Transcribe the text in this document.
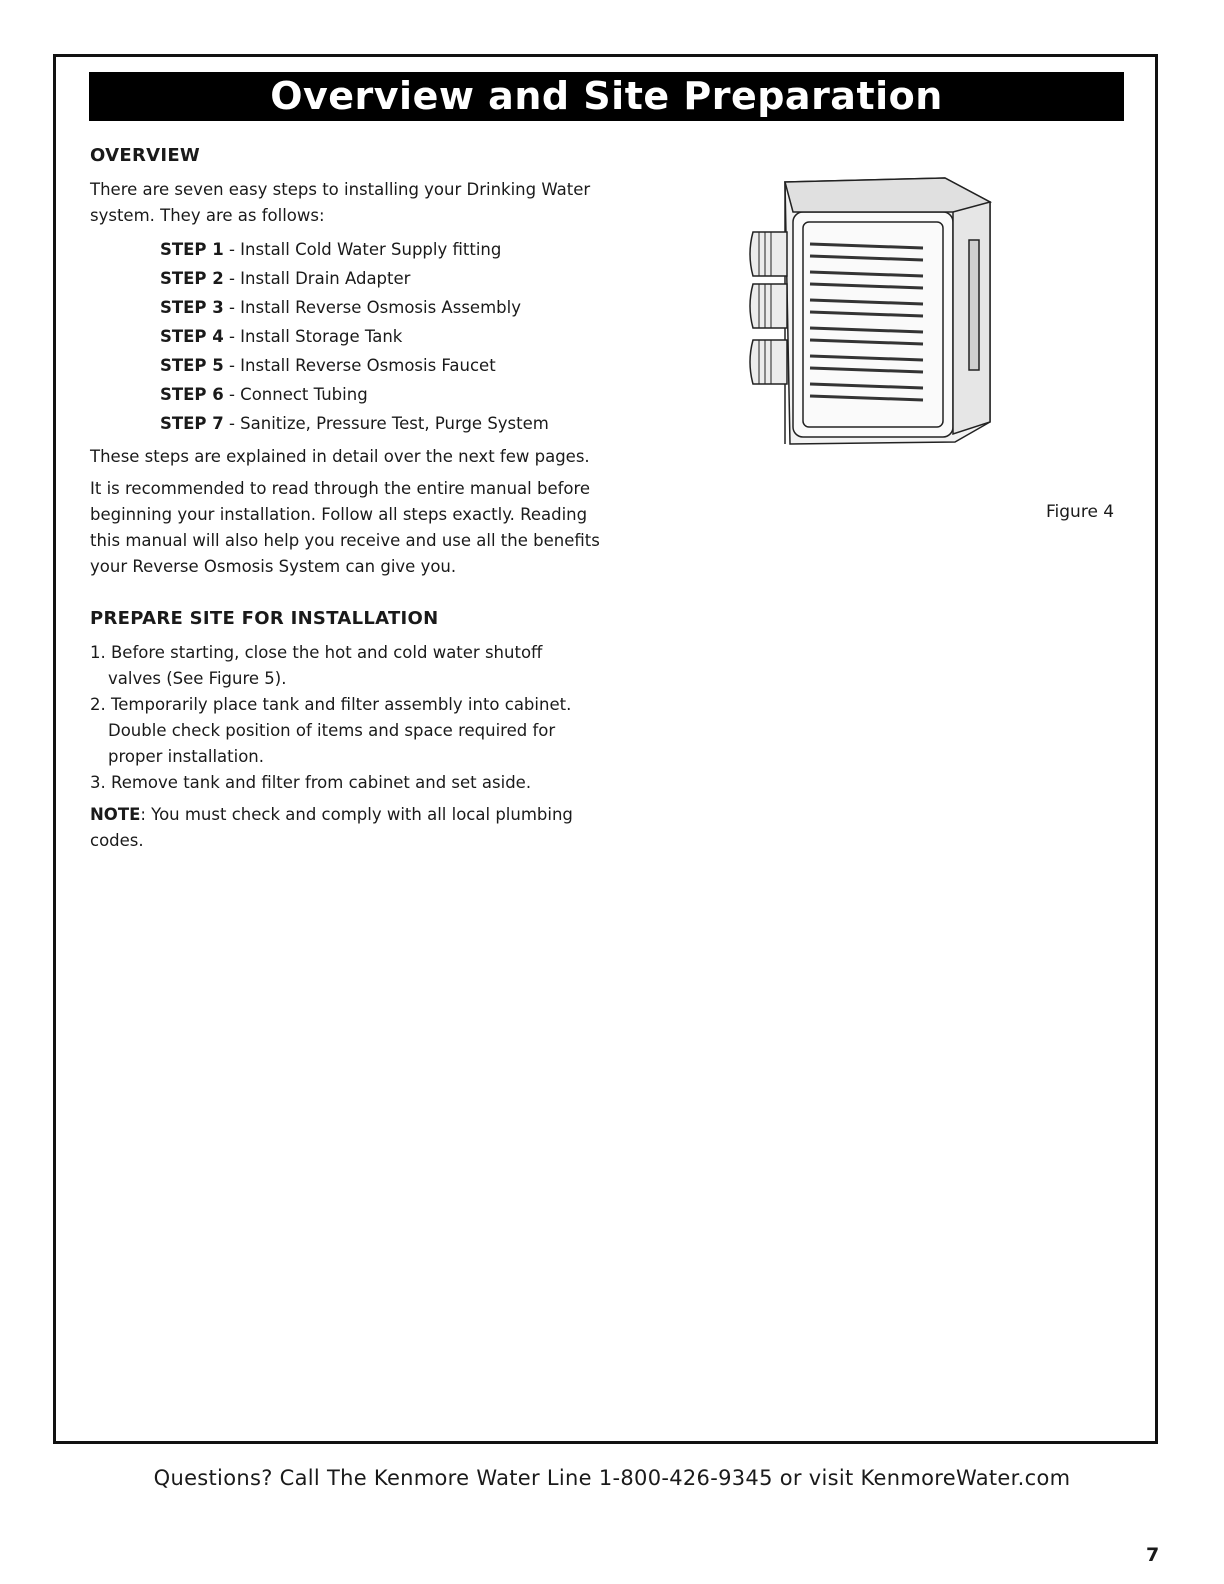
Overview and Site Preparation
OVERVIEW

There are seven easy steps to installing your Drinking Water system. They are as follows:

STEP 1 - Install Cold Water Supply fitting
STEP 2 - Install Drain Adapter
STEP 3 - Install Reverse Osmosis Assembly
STEP 4 - Install Storage Tank
STEP 5 - Install Reverse Osmosis Faucet
STEP 6 - Connect Tubing
STEP 7 - Sanitize, Pressure Test, Purge System

These steps are explained in detail over the next few pages.

It is recommended to read through the entire manual before beginning your installation. Follow all steps exactly. Reading this manual will also help you receive and use all the benefits your Reverse Osmosis System can give you.

PREPARE SITE FOR INSTALLATION
1. Before starting, close the hot and cold water shutoff valves (See Figure 5).
2. Temporarily place tank and filter assembly into cabinet. Double check position of items and space required for proper installation.
3. Remove tank and filter from cabinet and set aside.

NOTE: You must check and comply with all local plumbing codes.

Figure 4
Questions? Call The Kenmore Water Line 1-800-426-9345 or visit KenmoreWater.com
7
